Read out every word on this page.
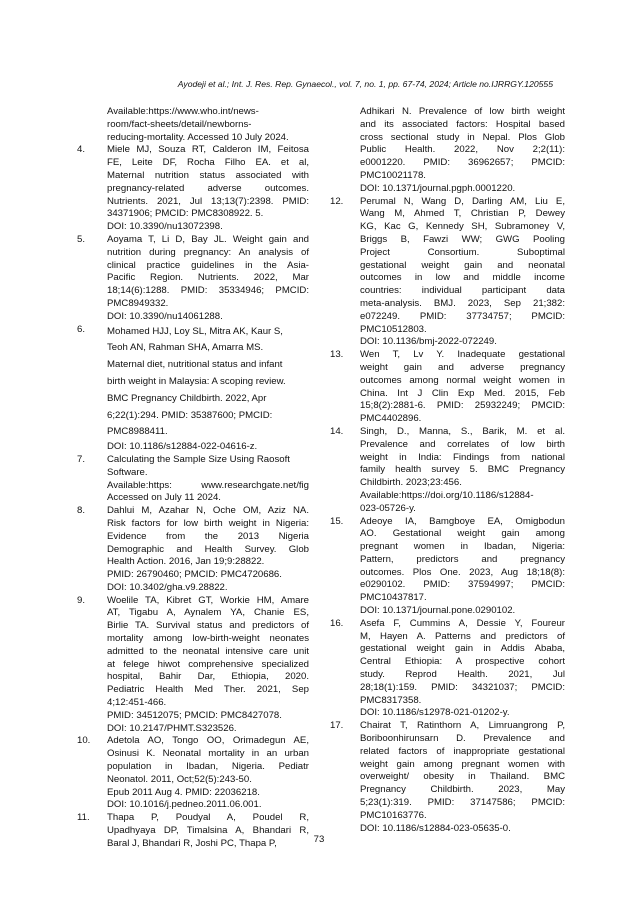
Ayodeji et al.; Int. J. Res. Rep. Gynaecol., vol. 7, no. 1, pp. 67-74, 2024; Article no.IJRRGY.120555
Available:https://www.who.int/news-
room/fact-sheets/detail/newborns-
reducing-mortality. Accessed 10 July 2024.
4.	Miele MJ, Souza RT, Calderon IM, Feitosa
FE, Leite DF, Rocha Filho EA. et al,
Maternal nutrition status associated with
pregnancy-related adverse outcomes.
Nutrients. 2021, Jul 13;13(7):2398. PMID:
34371906; PMCID: PMC8308922. 5.
DOI: 10.3390/nu13072398.
5.	Aoyama T, Li D, Bay JL. Weight gain and
nutrition during pregnancy: An analysis of
clinical practice guidelines in the Asia-
Pacific Region. Nutrients. 2022, Mar
18;14(6):1288. PMID: 35334946; PMCID:
PMC8949332.
DOI: 10.3390/nu14061288.
6.	Mohamed HJJ, Loy SL, Mitra AK, Kaur S,
Teoh AN, Rahman SHA, Amarra MS.
Maternal diet, nutritional status and infant
birth weight in Malaysia: A scoping review.
BMC Pregnancy Childbirth. 2022, Apr
6;22(1):294. PMID: 35387600; PMCID:
PMC8988411.
DOI: 10.1186/s12884-022-04616-z.
7.	Calculating the Sample Size Using Raosoft
Software.
Available:https: www.researchgate.net/fig
Accessed on July 11 2024.
8.	Dahlui M, Azahar N, Oche OM, Aziz NA.
Risk factors for low birth weight in Nigeria:
Evidence from the 2013 Nigeria
Demographic and Health Survey. Glob
Health Action. 2016, Jan 19;9:28822.
PMID: 26790460; PMCID: PMC4720686.
DOI: 10.3402/gha.v9.28822.
9.	Woelile TA, Kibret GT, Workie HM, Amare
AT, Tigabu A, Aynalem YA, Chanie ES,
Birlie TA. Survival status and predictors of
mortality among low-birth-weight neonates
admitted to the neonatal intensive care unit
at felege hiwot comprehensive specialized
hospital, Bahir Dar, Ethiopia, 2020.
Pediatric Health Med Ther. 2021, Sep
4;12:451-466.
PMID: 34512075; PMCID: PMC8427078.
DOI: 10.2147/PHMT.S323526.
10.	Adetola AO, Tongo OO, Orimadegun AE,
Osinusi K. Neonatal mortality in an urban
population in Ibadan, Nigeria. Pediatr
Neonatol. 2011, Oct;52(5):243-50.
Epub 2011 Aug 4. PMID: 22036218.
DOI: 10.1016/j.pedneo.2011.06.001.
11.	Thapa P, Poudyal A, Poudel R,
Upadhyaya DP, Timalsina A, Bhandari R,
Baral J, Bhandari R, Joshi PC, Thapa P,
Adhikari N. Prevalence of low birth weight
and its associated factors: Hospital based
cross sectional study in Nepal. Plos Glob
Public Health. 2022, Nov 2;2(11):
e0001220. PMID: 36962657; PMCID:
PMC10021178.
DOI: 10.1371/journal.pgph.0001220.
12.	Perumal N, Wang D, Darling AM, Liu E,
Wang M, Ahmed T, Christian P, Dewey
KG, Kac G, Kennedy SH, Subramoney V,
Briggs B, Fawzi WW; GWG Pooling
Project Consortium. Suboptimal
gestational weight gain and neonatal
outcomes in low and middle income
countries: individual participant data
meta-analysis. BMJ. 2023, Sep 21;382:
e072249. PMID: 37734757; PMCID:
PMC10512803.
DOI: 10.1136/bmj-2022-072249.
13.	Wen T, Lv Y. Inadequate gestational
weight gain and adverse pregnancy
outcomes among normal weight women in
China. Int J Clin Exp Med. 2015, Feb
15;8(2):2881-6. PMID: 25932249; PMCID:
PMC4402896.
14.	Singh, D., Manna, S., Barik, M. et al.
Prevalence and correlates of low birth
weight in India: Findings from national
family health survey 5. BMC Pregnancy
Childbirth. 2023;23:456.
Available:https://doi.org/10.1186/s12884-
023-05726-y.
15.	Adeoye IA, Bamgboye EA, Omigbodun
AO. Gestational weight gain among
pregnant women in Ibadan, Nigeria:
Pattern, predictors and pregnancy
outcomes. Plos One. 2023, Aug 18;18(8):
e0290102. PMID: 37594997; PMCID:
PMC10437817.
DOI: 10.1371/journal.pone.0290102.
16.	Asefa F, Cummins A, Dessie Y, Foureur
M, Hayen A. Patterns and predictors of
gestational weight gain in Addis Ababa,
Central Ethiopia: A prospective cohort
study. Reprod Health. 2021, Jul
28;18(1):159. PMID: 34321037; PMCID:
PMC8317358.
DOI: 10.1186/s12978-021-01202-y.
17.	Chairat T, Ratinthorn A, Limruangrong P,
Boriboonhirunsarn D. Prevalence and
related factors of inappropriate gestational
weight gain among pregnant women with
overweight/ obesity in Thailand. BMC
Pregnancy Childbirth. 2023, May
5;23(1):319. PMID: 37147586; PMCID:
PMC10163776.
DOI: 10.1186/s12884-023-05635-0.
73
